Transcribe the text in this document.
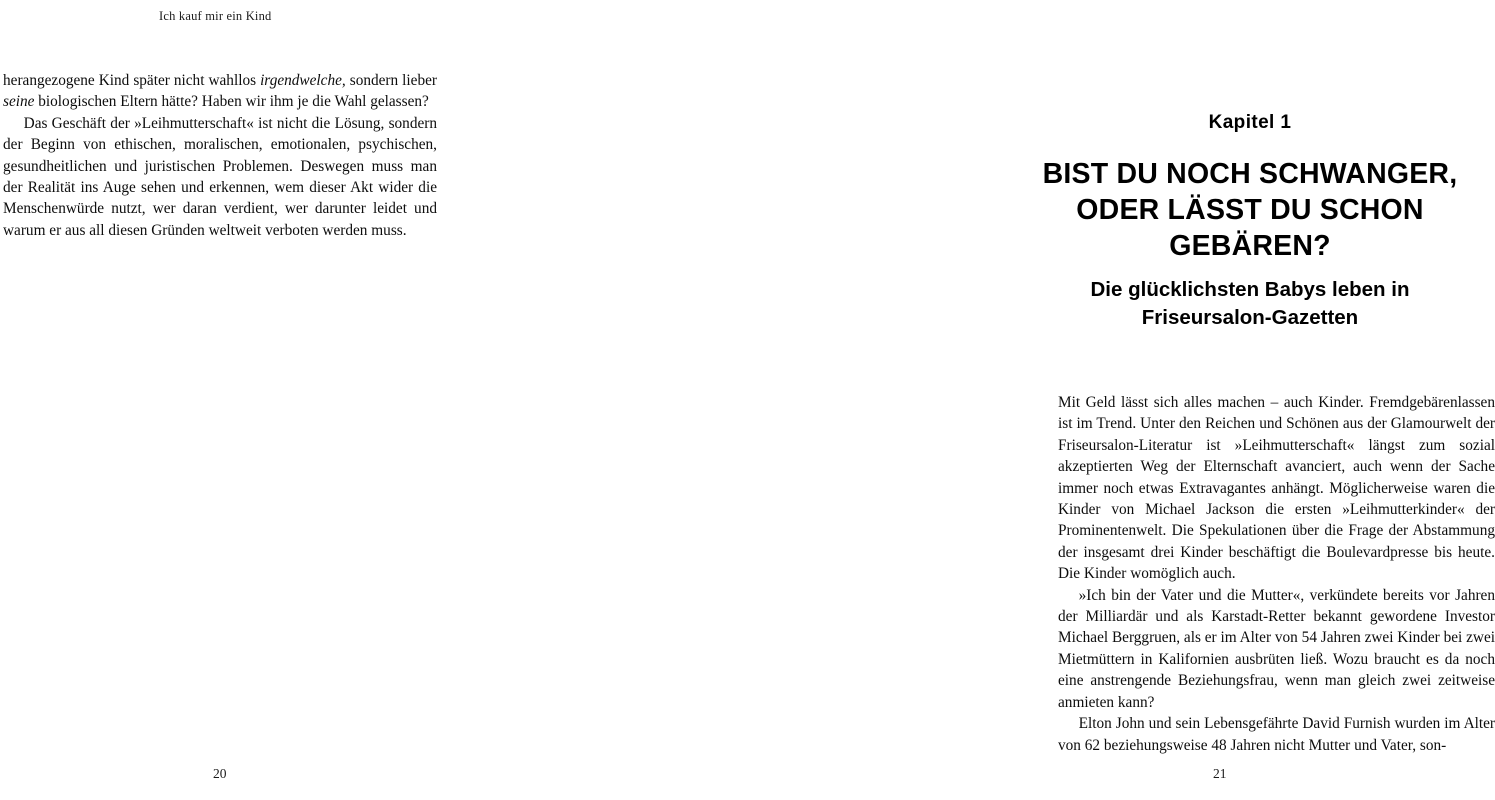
Ich kauf mir ein Kind

herangezogene Kind später nicht wahllos irgendwelche, sondern lieber seine biologischen Eltern hätte? Haben wir ihm je die Wahl gelassen?

Das Geschäft der »Leihmutterschaft« ist nicht die Lösung, sondern der Beginn von ethischen, moralischen, emotionalen, psychischen, gesundheitlichen und juristischen Problemen. Deswegen muss man der Realität ins Auge sehen und erkennen, wem dieser Akt wider die Menschenwürde nutzt, wer daran verdient, wer darunter leidet und warum er aus all diesen Gründen weltweit verboten werden muss.

20
Kapitel 1
BIST DU NOCH SCHWANGER, ODER LÄSST DU SCHON GEBÄREN?
Die glücklichsten Babys leben in Friseursalon-Gazetten

Mit Geld lässt sich alles machen – auch Kinder. Fremdgebärenlassen ist im Trend. Unter den Reichen und Schönen aus der Glamourwelt der Friseursalon-Literatur ist »Leihmutterschaft« längst zum sozial akzeptierten Weg der Elternschaft avanciert, auch wenn der Sache immer noch etwas Extravagantes anhängt. Möglicherweise waren die Kinder von Michael Jackson die ersten »Leihmutterkinder« der Prominentenwelt. Die Spekulationen über die Frage der Abstammung der insgesamt drei Kinder beschäftigt die Boulevardpresse bis heute. Die Kinder womöglich auch.

»Ich bin der Vater und die Mutter«, verkündete bereits vor Jahren der Milliardär und als Karstadt-Retter bekannt gewordene Investor Michael Berggruen, als er im Alter von 54 Jahren zwei Kinder bei zwei Mietmüttern in Kalifornien ausbrüten ließ. Wozu braucht es da noch eine anstrengende Beziehungsfrau, wenn man gleich zwei zeitweise anmieten kann?

Elton John und sein Lebensgefährte David Furnish wurden im Alter von 62 beziehungsweise 48 Jahren nicht Mutter und Vater, son-

21
